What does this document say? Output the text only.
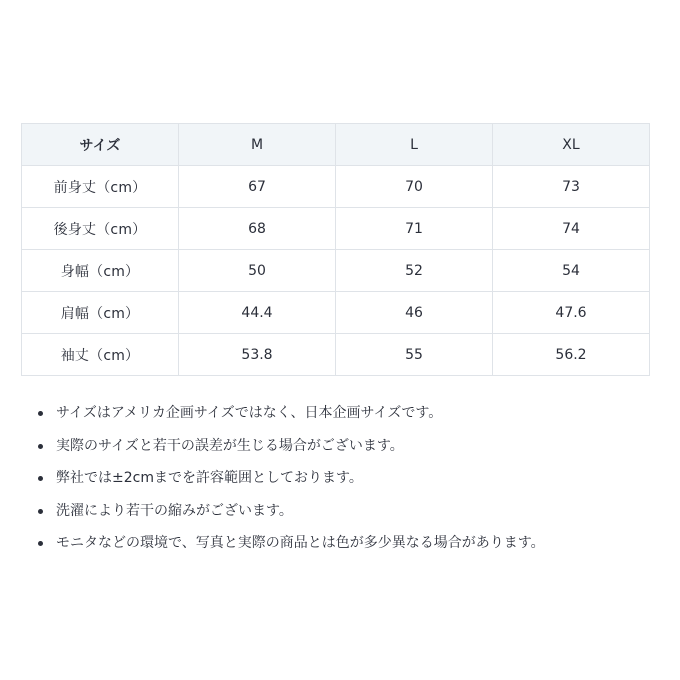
サイズ	M	L	XL
前身丈（cm）	67	70	73
後身丈（cm）	68	71	74
身幅（cm）	50	52	54
肩幅（cm）	44.4	46	47.6
袖丈（cm）	53.8	55	56.2
サイズはアメリカ企画サイズではなく、日本企画サイズです。
実際のサイズと若干の誤差が生じる場合がございます。
弊社では±2cmまでを許容範囲としております。
洗濯により若干の縮みがございます。
モニタなどの環境で、写真と実際の商品とは色が多少異なる場合があります。
